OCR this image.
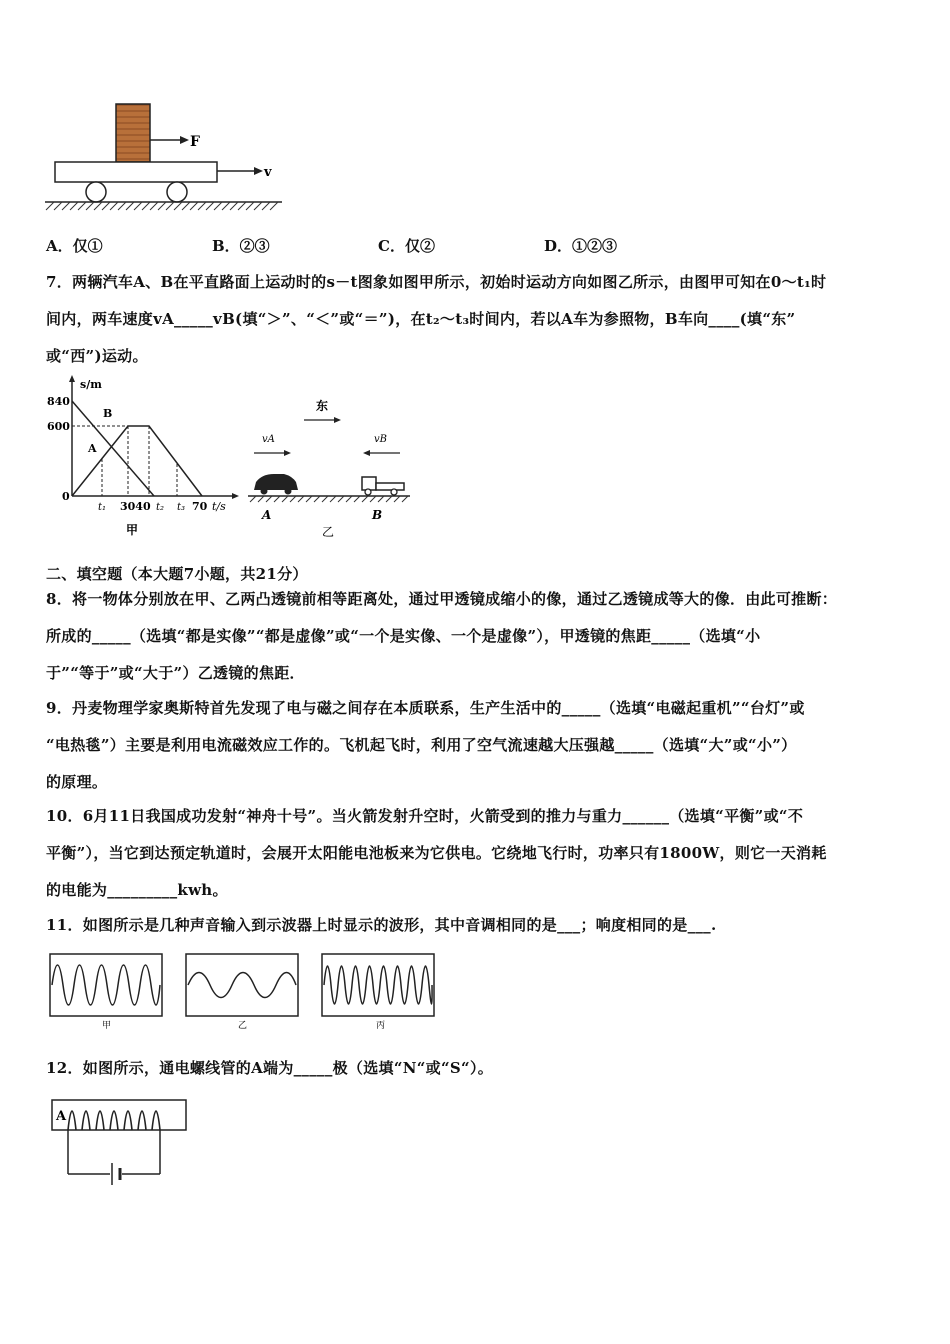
F
v
A．仅①	B．②③	C．仅②	D．①②③
7．两辆汽车A、B在平直路面上运动时的s－t图象如图甲所示，初始时运动方向如图乙所示，由图甲可知在0～t₁时
间内，两车速度vA_____vB(填“＞”、“＜”或“＝”)，在t₂～t₃时间内，若以A车为参照物，B车向____(填“东”
或“西”)运动。
s/m
840
600
0
B
A
t₁ 3040 t₂ t₃ 70 t/s
甲
东
vA	vB
A	B
乙
二、填空题（本大题7小题，共21分）
8．将一物体分别放在甲、乙两凸透镜前相等距离处，通过甲透镜成缩小的像，通过乙透镜成等大的像．由此可推断：
所成的_____（选填“都是实像”“都是虚像”或“一个是实像、一个是虚像”），甲透镜的焦距_____（选填“小
于”“等于”或“大于”）乙透镜的焦距．
9．丹麦物理学家奥斯特首先发现了电与磁之间存在本质联系，生产生活中的_____（选填“电磁起重机”“台灯”或
“电热毯”）主要是利用电流磁效应工作的。飞机起飞时，利用了空气流速越大压强越_____（选填“大”或“小”）
的原理。
10．6月11日我国成功发射“神舟十号”。当火箭发射升空时，火箭受到的推力与重力______（选填“平衡”或“不
平衡”），当它到达预定轨道时，会展开太阳能电池板来为它供电。它绕地飞行时，功率只有1800W，则它一天消耗
的电能为_________kwh。
11．如图所示是几种声音输入到示波器上时显示的波形，其中音调相同的是___；响度相同的是___.
甲	乙	丙
12．如图所示，通电螺线管的A端为_____极（选填“N“或“S“）。
A
